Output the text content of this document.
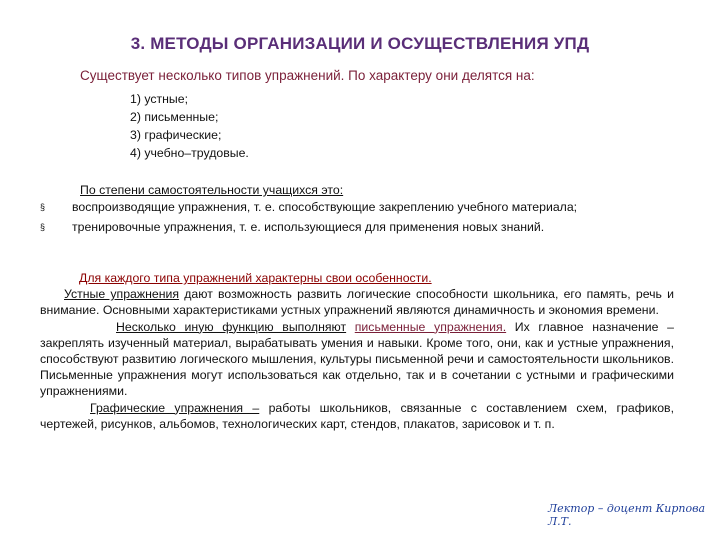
3. МЕТОДЫ ОРГАНИЗАЦИИ И ОСУЩЕСТВЛЕНИЯ УПД
Существует несколько типов упражнений. По характеру они делятся на:
1) устные;
2) письменные;
3) графические;
4) учебно–трудовые.
По степени самостоятельности учащихся это:
§ воспроизводящие упражнения, т. е. способствующие закреплению учебного материала;
§ тренировочные упражнения, т. е. использующиеся для применения новых знаний.

Для каждого типа упражнений характерны свои особенности.

Устные упражнения дают возможность развить логические способности школьника, его память, речь и внимание. Основными характеристиками устных упражнений являются динамичность и экономия времени.

Несколько иную функцию выполняют письменные упражнения. Их главное назначение – закреплять изученный материал, вырабатывать умения и навыки. Кроме того, они, как и устные упражнения, способствуют развитию логического мышления, культуры письменной речи и самостоятельности школьников. Письменные упражнения могут использоваться как отдельно, так и в сочетании с устными и графическими упражнениями.

Графические упражнения – работы школьников, связанные с составлением схем, графиков, чертежей, рисунков, альбомов, технологических карт, стендов, плакатов, зарисовок и т. п.

Лектор – доцент Кирпова Л.Т.
